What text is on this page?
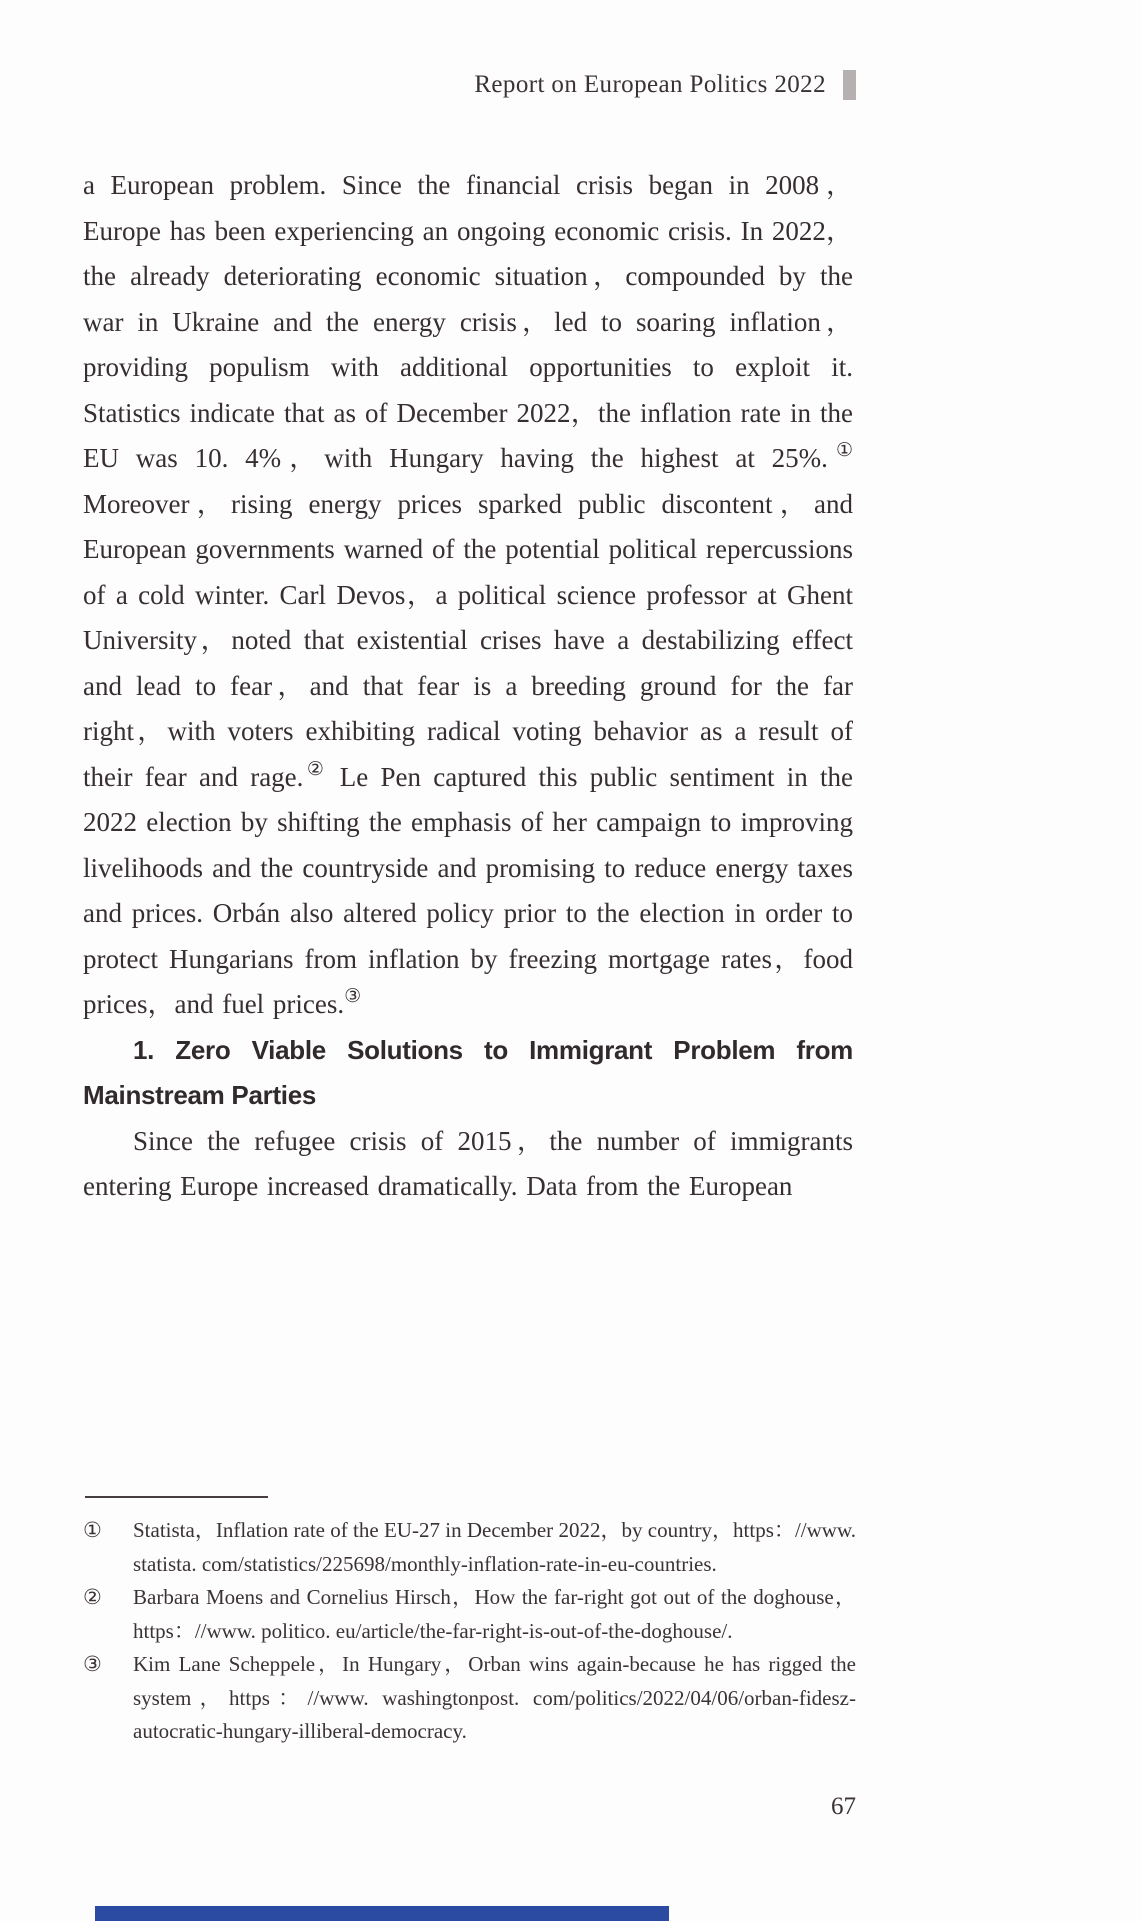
Report on European Politics 2022

a European problem. Since the financial crisis began in 2008，Europe has been experiencing an ongoing economic crisis. In 2022，the already deteriorating economic situation，compounded by the war in Ukraine and the energy crisis，led to soaring inflation，providing populism with additional opportunities to exploit it. Statistics indicate that as of December 2022，the inflation rate in the EU was 10. 4%，with Hungary having the highest at 25%.① Moreover，rising energy prices sparked public discontent，and European governments warned of the potential political repercussions of a cold winter. Carl Devos，a political science professor at Ghent University，noted that existential crises have a destabilizing effect and lead to fear，and that fear is a breeding ground for the far right，with voters exhibiting radical voting behavior as a result of their fear and rage.② Le Pen captured this public sentiment in the 2022 election by shifting the emphasis of her campaign to improving livelihoods and the countryside and promising to reduce energy taxes and prices. Orbán also altered policy prior to the election in order to protect Hungarians from inflation by freezing mortgage rates，food prices，and fuel prices.③

1. Zero Viable Solutions to Immigrant Problem from Mainstream Parties

Since the refugee crisis of 2015，the number of immigrants entering Europe increased dramatically. Data from the European

①	Statista，Inflation rate of the EU-27 in December 2022，by country，https：//www. statista. com/statistics/225698/monthly-inflation-rate-in-eu-countries.
②	Barbara Moens and Cornelius Hirsch，How the far-right got out of the doghouse，https：//www. politico. eu/article/the-far-right-is-out-of-the-doghouse/.
③	Kim Lane Scheppele，In Hungary，Orban wins again-because he has rigged the system，https：//www. washingtonpost. com/politics/2022/04/06/orban-fidesz-autocratic-hungary-illiberal-democracy.
67
